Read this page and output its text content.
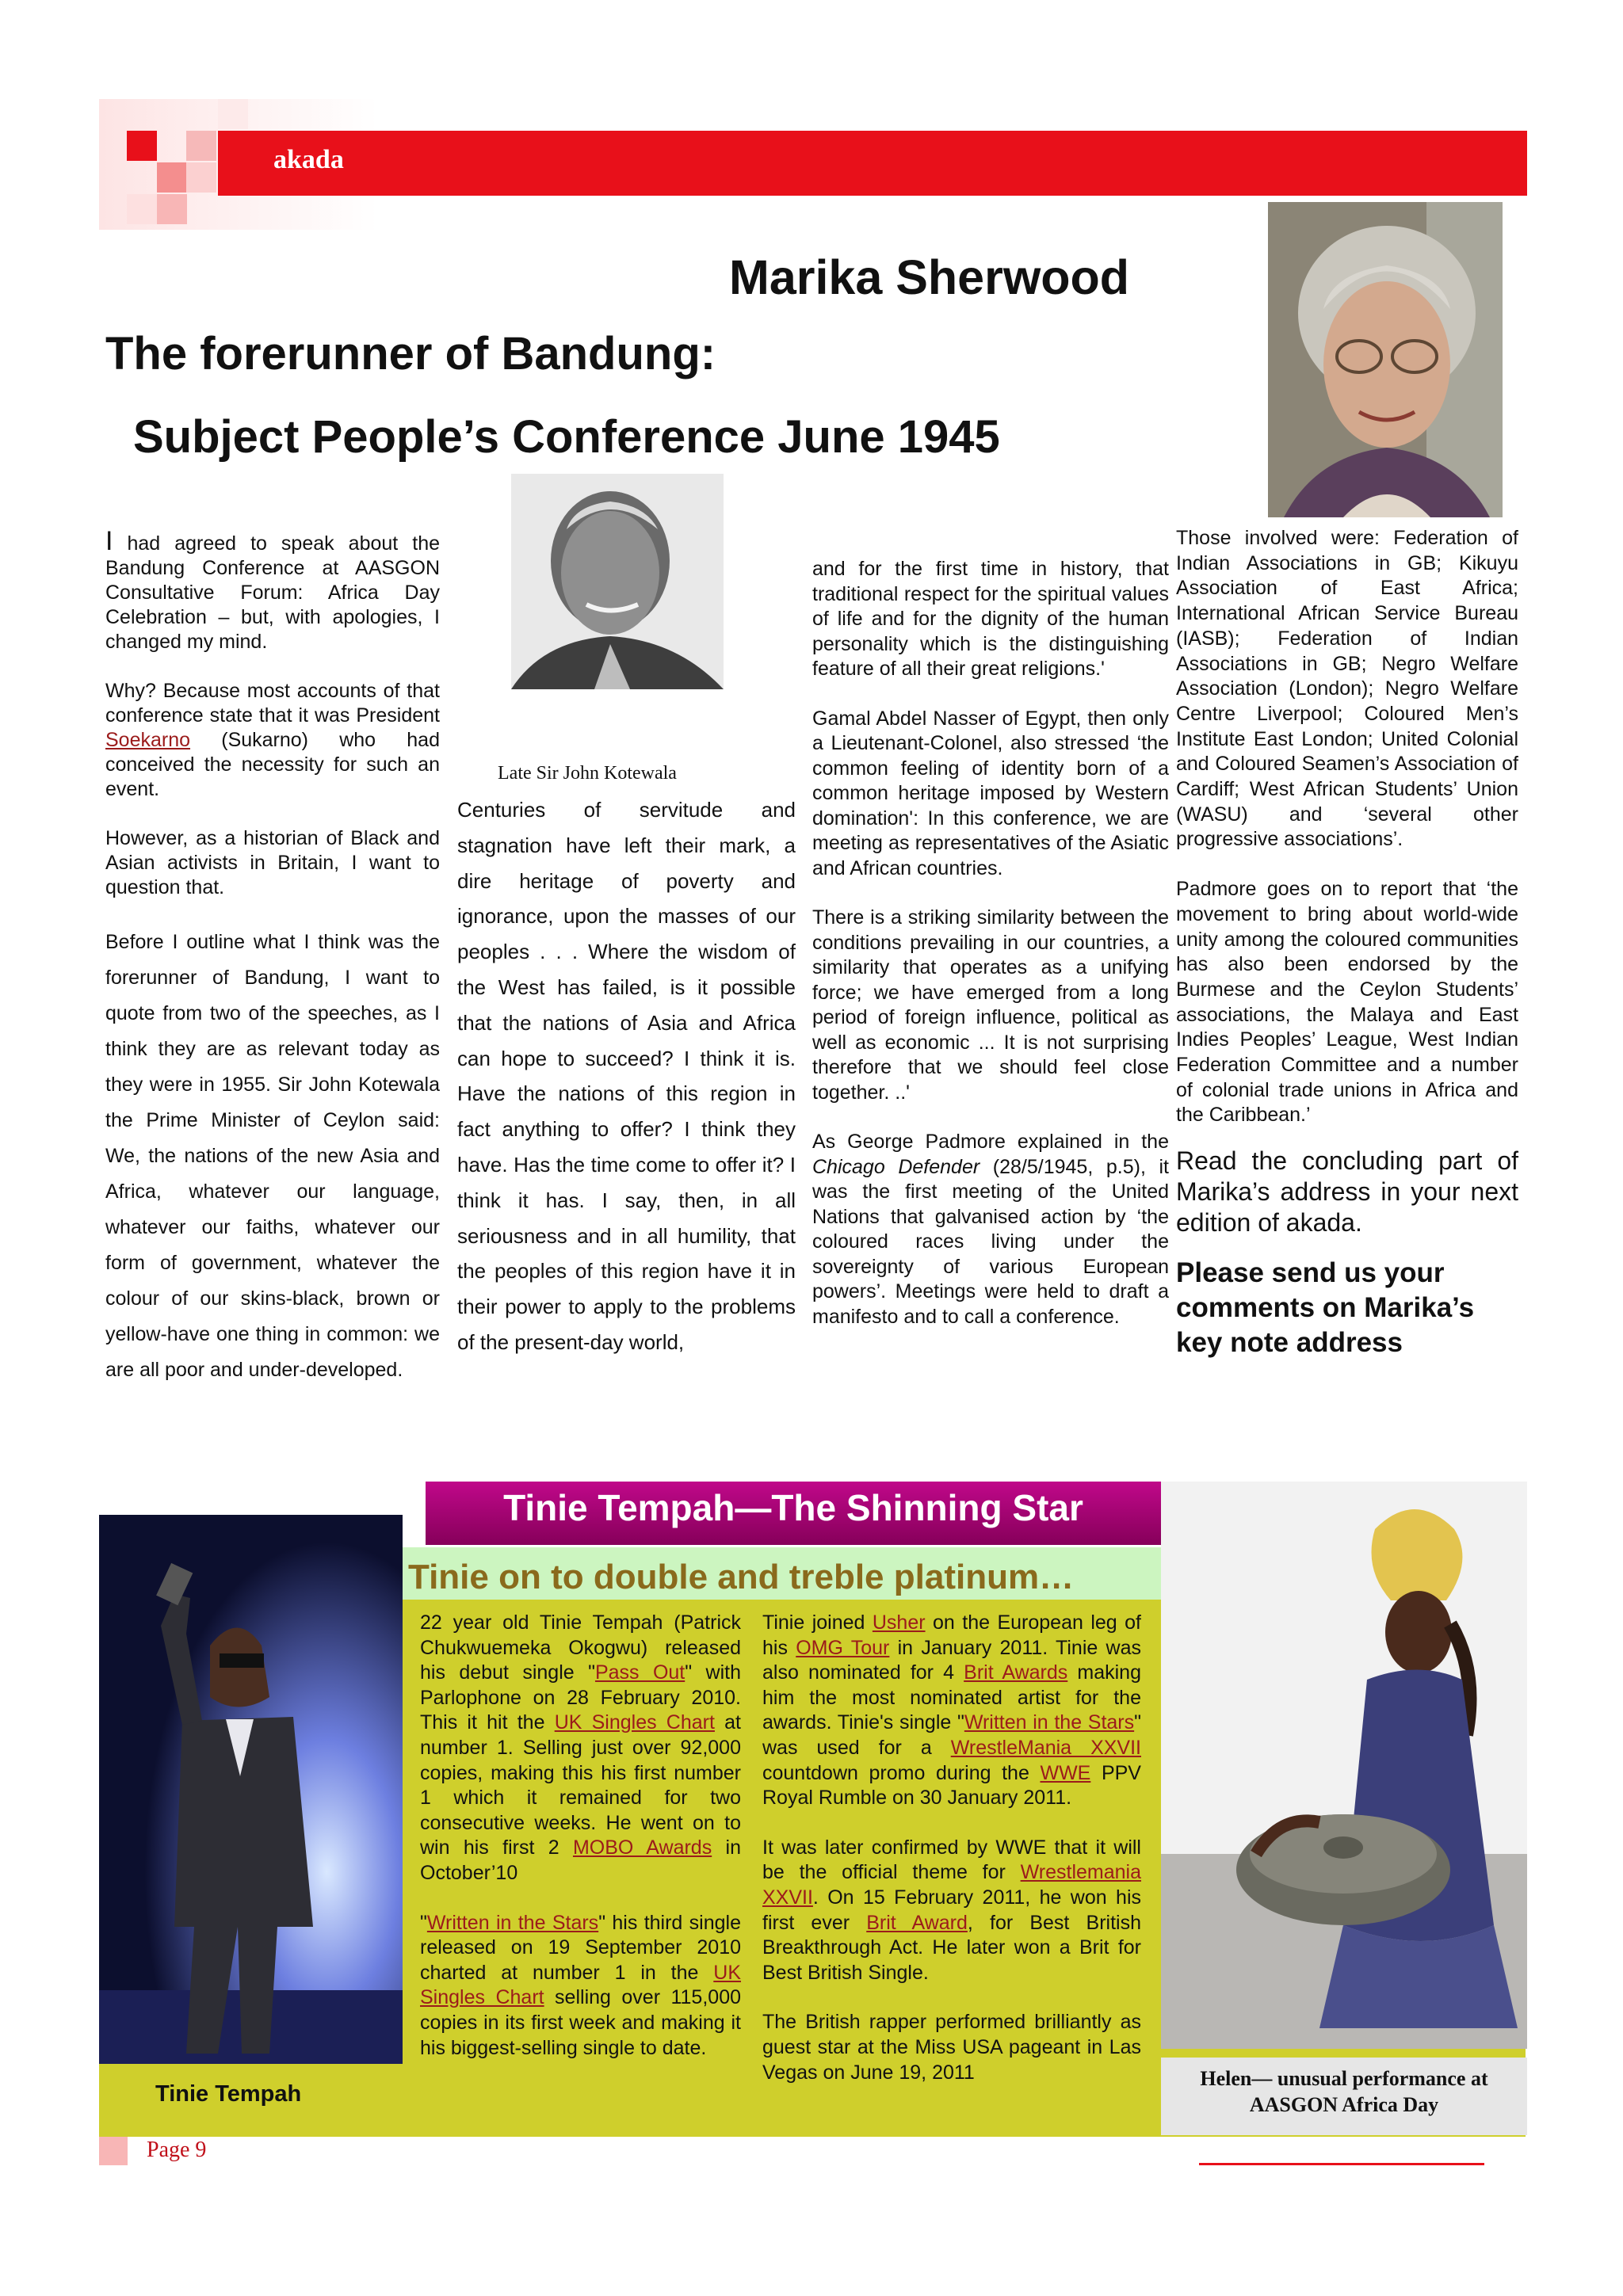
akada
Marika Sherwood
The forerunner of Bandung:
Subject People’s Conference June 1945
Late Sir John Kotewala

I had agreed to speak about the Bandung Conference at AASGON Consultative Forum: Africa Day Celebration – but, with apologies, I changed my mind.

Why? Because most accounts of that conference state that it was President Soekarno (Sukarno) who had conceived the necessity for such an event.

However, as a historian of Black and Asian activists in Britain, I want to question that.

Before I outline what I think was the forerunner of Bandung, I want to quote from two of the speeches, as I think they are as relevant today as they were in 1955. Sir John Kotewala the Prime Minister of Ceylon said: We, the nations of the new Asia and Africa, whatever our language, whatever our faiths, whatever our form of government, whatever the colour of our skins-black, brown or yellow-have one thing in common: we are all poor and under-developed.

Centuries of servitude and stagnation have left their mark, a dire heritage of poverty and ignorance, upon the masses of our peoples . . . Where the wisdom of the West has failed, is it possible that the nations of Asia and Africa can hope to succeed? I think it is. Have the nations of this region in fact anything to offer? I think they have. Has the time come to offer it? I think it has. I say, then, in all seriousness and in all humility, that the peoples of this region have it in their power to apply to the problems of the present-day world,

and for the first time in history, that traditional respect for the spiritual values of life and for the dignity of the human personality which is the distinguishing feature of all their great religions.'

Gamal Abdel Nasser of Egypt, then only a Lieutenant-Colonel, also stressed ‘the common feeling of identity born of a common heritage imposed by Western domination': In this conference, we are meeting as representatives of the Asiatic and African countries.

There is a striking similarity between the conditions prevailing in our countries, a similarity that operates as a unifying force; we have emerged from a long period of foreign influence, political as well as economic ... It is not surprising therefore that we should feel close together. ..'

As George Padmore explained in the Chicago Defender (28/5/1945, p.5), it was the first meeting of the United Nations that galvanised action by ‘the coloured races living under the sovereignty of various European powers’. Meetings were held to draft a manifesto and to call a conference.

Those involved were: Federation of Indian Associations in GB; Kikuyu Association of East Africa; International African Service Bureau (IASB); Federation of Indian Associations in GB; Negro Welfare Association (London); Negro Welfare Centre Liverpool; Coloured Men’s Institute East London; United Colonial and Coloured Seamen’s Association of Cardiff; West African Students’ Union (WASU) and ‘several other progressive associations’.

Padmore goes on to report that ‘the movement to bring about world-wide unity among the coloured communities has also been endorsed by the Burmese and the Ceylon Students’ associations, the Malaya and East Indies Peoples’ League, West Indian Federation Committee and a number of colonial trade unions in Africa and the Caribbean.’

Read the concluding part of Marika’s address in your next edition of akada.

Please send us your comments on Marika’s key note address

Tinie Tempah—The Shinning Star
Tinie on to double and treble platinum…
Tinie Tempah

22 year old Tinie Tempah (Patrick Chukwuemeka Okogwu) released his debut single "Pass Out" with Parlophone on 28 February 2010. This it hit the UK Singles Chart at number 1. Selling just over 92,000 copies, making this his first number 1 which it remained for two consecutive weeks. He went on to win his first 2 MOBO Awards in October’10

"Written in the Stars" his third single released on 19 September 2010 charted at number 1 in the UK Singles Chart selling over 115,000 copies in its first week and making it his biggest-selling single to date.

Tinie joined Usher on the European leg of his OMG Tour in January 2011. Tinie was also nominated for 4 Brit Awards making him the most nominated artist for the awards. Tinie's single "Written in the Stars" was used for a WrestleMania XXVII countdown promo during the WWE PPV Royal Rumble on 30 January 2011.

It was later confirmed by WWE that it will be the official theme for Wrestlemania XXVII. On 15 February 2011, he won his first ever Brit Award, for Best British Breakthrough Act. He later won a Brit for Best British Single.

The British rapper performed brilliantly as guest star at the Miss USA pageant in Las Vegas on June 19, 2011	Helen— unusual performance at AASGON Africa Day
Page 9
